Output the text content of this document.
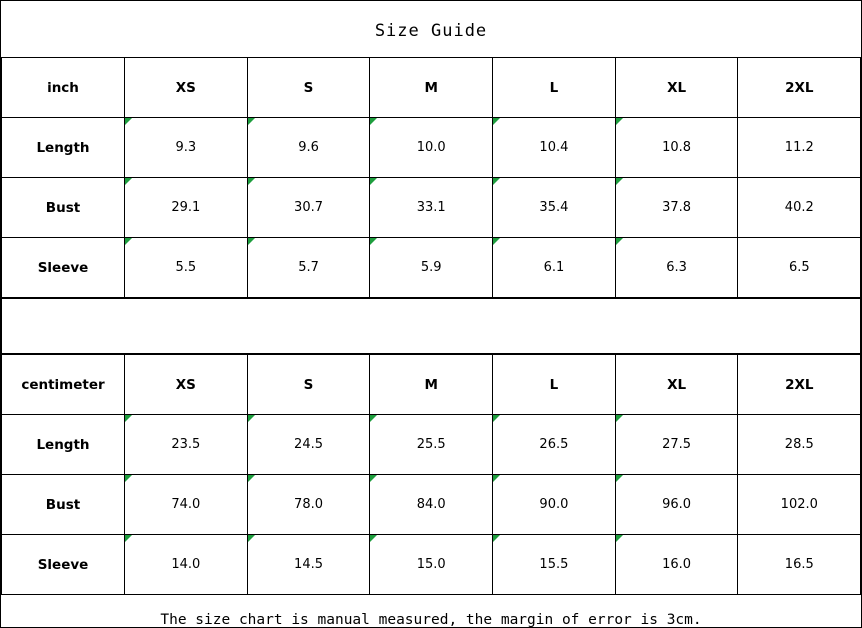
Size Guide
inch	XS	S	M	L	XL	2XL
Length	9.3	9.6	10.0	10.4	10.8	11.2
Bust	29.1	30.7	33.1	35.4	37.8	40.2
Sleeve	5.5	5.7	5.9	6.1	6.3	6.5
centimeter	XS	S	M	L	XL	2XL
Length	23.5	24.5	25.5	26.5	27.5	28.5
Bust	74.0	78.0	84.0	90.0	96.0	102.0
Sleeve	14.0	14.5	15.0	15.5	16.0	16.5
The size chart is manual measured, the margin of error is 3cm.
